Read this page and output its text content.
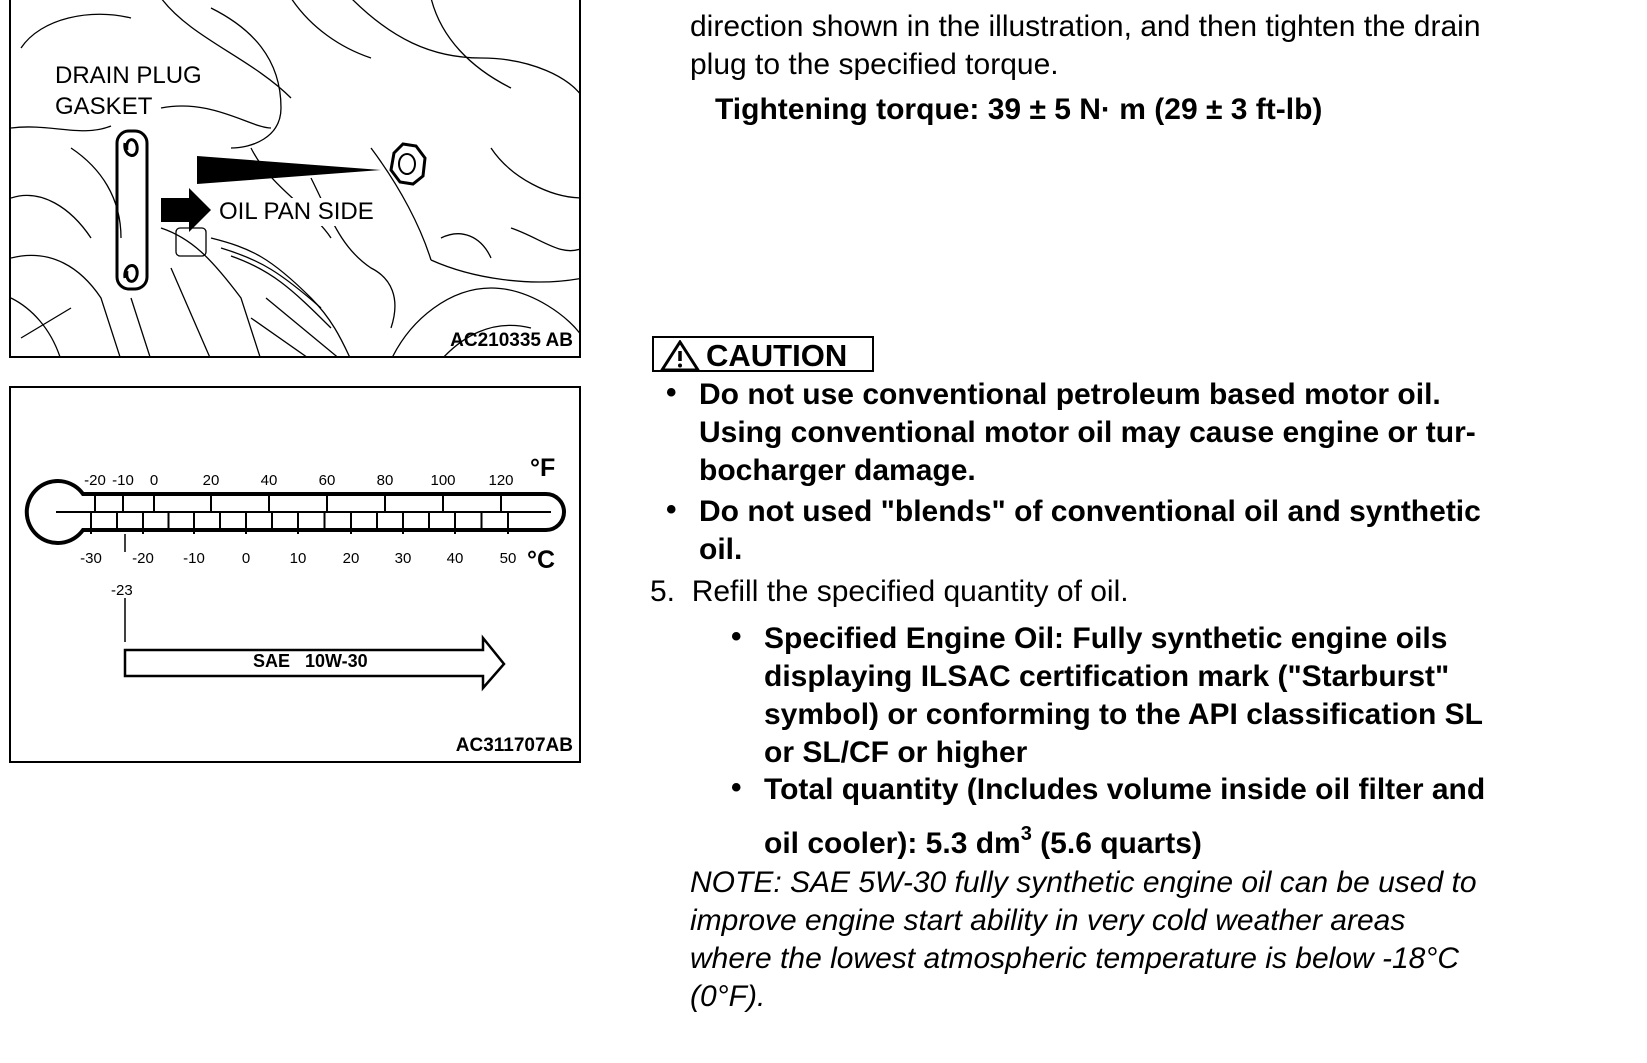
DRAIN PLUG
GASKET
OIL PAN SIDE
AC210335 AB
-20 -10	0	20	40	60	80	100 120
-30 -20 -10	0	10	20	30	40	50
°F
°C
-23
SAE   10W-30
AC311707AB
direction shown in the illustration, and then tighten the drain
plug to the specified torque.
Tightening torque: 39 ± 5 N· m (29 ± 3 ft-lb)
CAUTION
• Do not use conventional petroleum based motor oil.
Using conventional motor oil may cause engine or tur-
bocharger damage.
• Do not used "blends" of conventional oil and synthetic
oil.
5.  Refill the specified quantity of oil.
• Specified Engine Oil: Fully synthetic engine oils
displaying ILSAC certification mark ("Starburst"
symbol) or conforming to the API classification SL
or SL/CF or higher
• Total quantity (Includes volume inside oil filter and
oil cooler): 5.3 $dm^3$ (5.6 quarts)
NOTE: SAE 5W-30 fully synthetic engine oil can be used to
improve engine start ability in very cold weather areas
where the lowest atmospheric temperature is below -18°C
(0°F).
